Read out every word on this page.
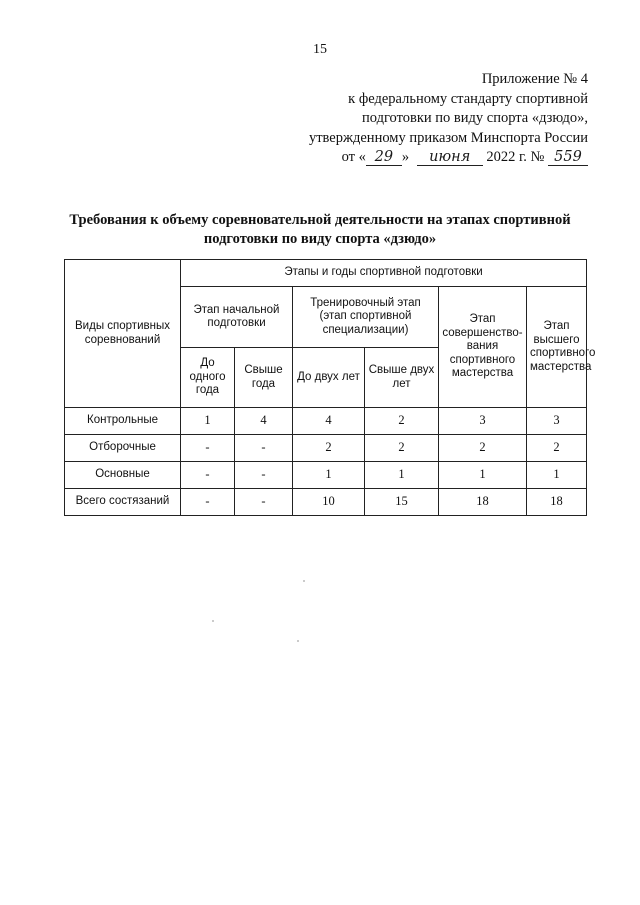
15
Приложение № 4
к федеральному стандарту спортивной
подготовки по виду спорта «дзюдо»,
утвержденному приказом Минспорта России
от « 29 » июня 2022 г. № 559
Требования к объему соревновательной деятельности на этапах спортивной
подготовки по виду спорта «дзюдо»
Виды спортивных соревнований	Этапы и годы спортивной подготовки					
	Этап начальной подготовки		Тренировочный этап (этап спортивной специализации)		Этап совершенство-вания спортивного мастерства	Этап высшего спортивного мастерства
	До одного года	Свыше года	До двух лет	Свыше двух лет		
Контрольные	1	4	4	2	3	3
Отборочные	-	-	2	2	2	2
Основные	-	-	1	1	1	1
Всего состязаний	-	-	10	15	18	18
